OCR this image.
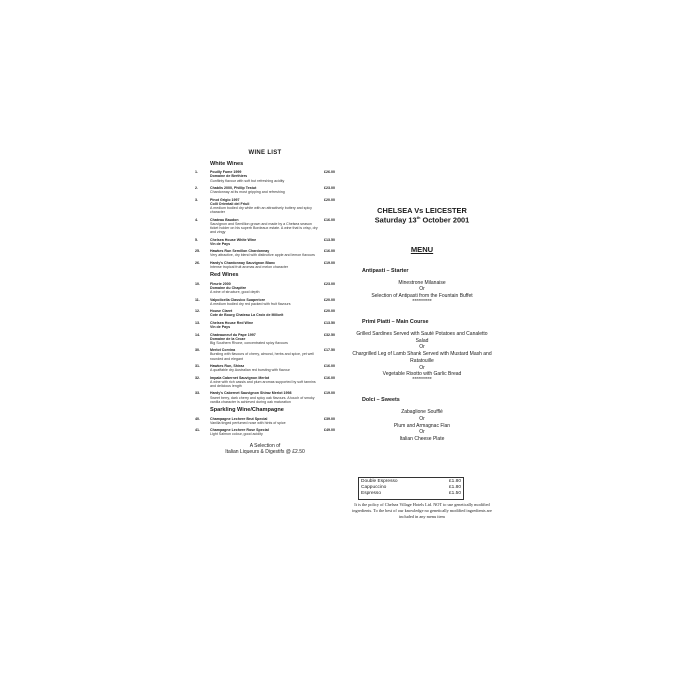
WINE LIST
White Wines
1.	Pouilly Fume 1999
Domaine de Berthiers
Gunflinty flavour with soft but refreshing acidity
£26.00
2.	Chablis 2000, Phillip Testut
Chardonnay at its most gripping and refreshing
£23.00
3.	Pinot Grigio 1997
Colli Orientali del Friuli
A medium bodied dry white with an attractively buttery and spicy character
£20.00
4.	Chateau Baudon
Sauvignon and Semillion grown and made by a Chelsea season ticket holder on his superb Bordeaux estate. A wine that is crisp, dry and zingy
£16.00
5.	Chelsea House White Wine
Vin de Pays
£13.50
25.	Hawkes Run Semillon Chardonnay
Very attractive, dry blend with distinctive apple and lemon flavours
£16.00
26.	Hardy's Chardonnay Sauvignon Blanc
Intense tropical fruit aromas and melon character
£19.00
Red Wines
10.	Fleurie 2000
Domaine du Chapitre
A wine of structure, good depth
£23.00
11.	Valpolicella Classico Suaperiore
A medium bodied dry red packed with fruit flavours
£20.00
12.	House Claret
Cote de Bourg Chateau La Croix de Millorit
£20.00
13.	Chelsea House Red Wine
Vin de Pays
£13.50
14.	Chateauneuf du Pape 1997
Domaine de la Croze
Big Southern Rhone, concentrated spicy flavours
£32.50
30.	Merlot Corvina
Bursting with flavours of cherry, almond, herbs and spice, yet well rounded and elegant
£17.50
31.	Hawkes Run, Shiraz
A quaffable dry Australian red bursting with flavour
£16.00
32.	Impala Cabernet Sauvignon Merlot
A wine with rich cassis and plum aromas supported by soft tannins and delicious length
£16.00
33.	Hardy's Cabernet Sauvignon Shiraz Merlot 1998
Sweet berry, dark cherry and spicy oak flavours. A touch of smoky vanilla character is achieved during oak maturation
£19.00
Sparkling Wine/Champagne
40.	Champagne Lechere Brut Special
Vanilla tinged perfumed nose with hints of spice
£39.00
41.	Champagne Lechere Rose Special
Light Salmon colour, good acidity
£49.00
A Selection of
Italian Liqueurs & Digestifs @ £2.50
CHELSEA Vs LEICESTER
Saturday 13th October 2001
MENU
Antipasti – Starter
Minestrone Milanaise
Or
Selection of Antipasti from the Fountain Buffet
**********
Primi Piatti – Main Course
Grilled Sardines Served with Sauté Potatoes and Canaletto Salad
Or
Chargrilled Leg of Lamb Shank Served with Mustard Mash and Ratatouille
Or
Vegetable Risotto with Garlic Bread
**********
Dolci – Sweets
Zabaglione Soufflé
Or
Plum and Armagnac Flan
Or
Italian Cheese Plate
Double Espresso	£1.80
Cappuccino	£1.80
Espresso	£1.50
It is the policy of Chelsea Village Hotels Ltd. NOT to use genetically modified ingredients. To the best of our knowledge no genetically modified ingredients are included in any menu item
